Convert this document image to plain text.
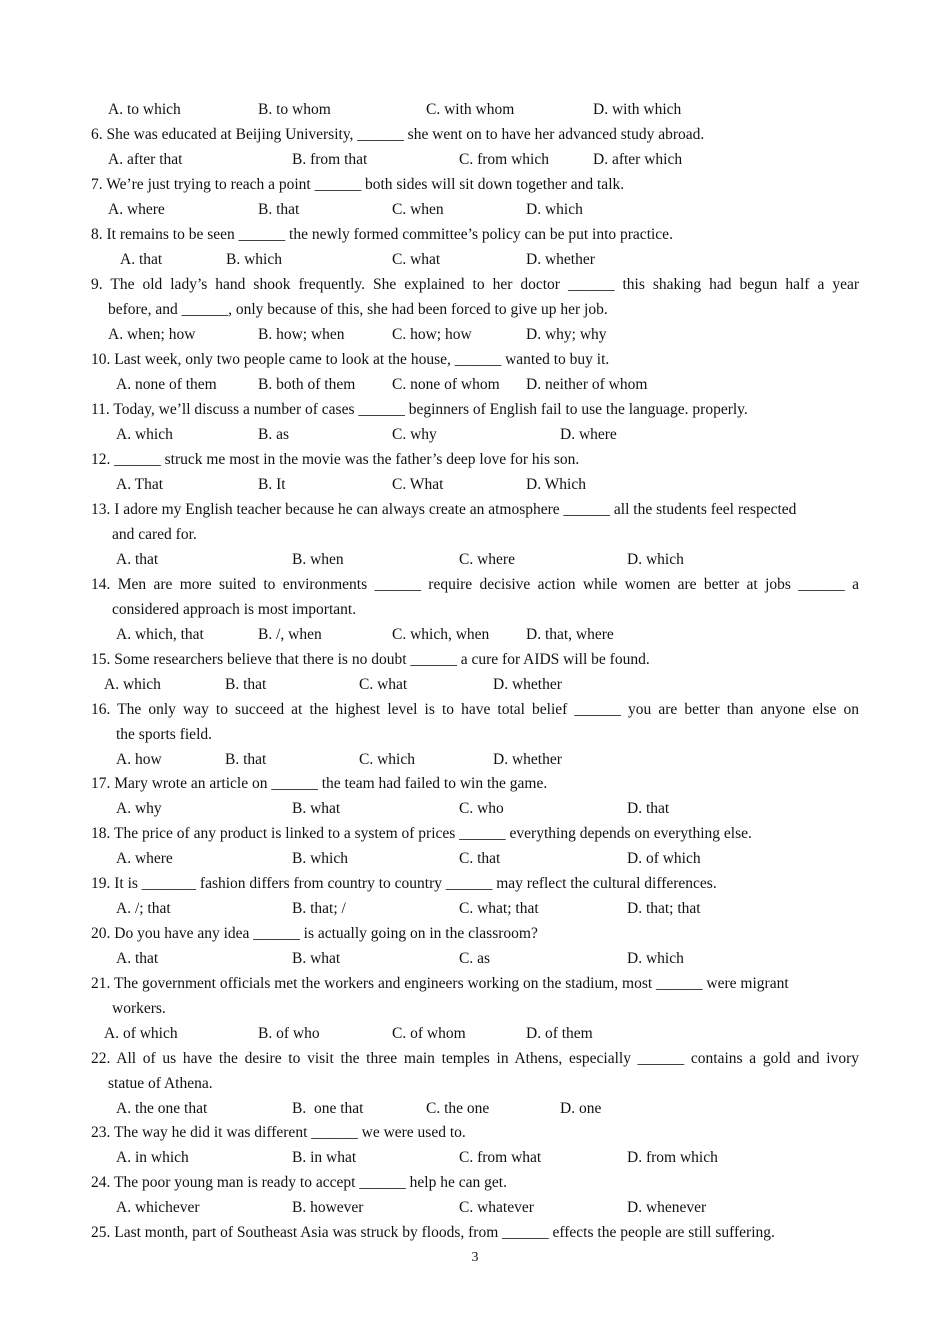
A. to which	B. to whom	C. with whom	D. with which
6. She was educated at Beijing University, ______ she went on to have her advanced study abroad.
A. after that	B. from that	C. from which	D. after which
7. We’re just trying to reach a point ______ both sides will sit down together and talk.
A. where	B. that	C. when	D. which
8. It remains to be seen ______ the newly formed committee’s policy can be put into practice.
A. that	B. which	C. what	D. whether
9. The old lady’s hand shook frequently. She explained to her doctor ______ this shaking had begun half a year
before, and ______, only because of this, she had been forced to give up her job.
A. when; how	B. how; when	C. how; how	D. why; why
10. Last week, only two people came to look at the house, ______ wanted to buy it.
A. none of them	B. both of them C. none of whom D. neither of whom
11. Today, we’ll discuss a number of cases ______ beginners of English fail to use the language. properly.
A. which	B. as	C. why	D. where
12. ______ struck me most in the movie was the father’s deep love for his son.
A. That	B. It	C. What	D. Which
13. I adore my English teacher because he can always create an atmosphere ______ all the students feel respected
and cared for.
A. that	B. when	C. where	D. which
14. Men are more suited to environments ______ require decisive action while women are better at jobs ______ a
considered approach is most important.
A. which, that	B. /, when	C. which, when D. that, where
15. Some researchers believe that there is no doubt ______ a cure for AIDS will be found.
A. which	B. that	C. what	D. whether
16. The only way to succeed at the highest level is to have total belief ______ you are better than anyone else on
the sports field.
A. how	B. that	C. which	D. whether
17. Mary wrote an article on ______ the team had failed to win the game.
A. why	B. what	C. who	D. that
18. The price of any product is linked to a system of prices ______ everything depends on everything else.
A. where	B. which	C. that	D. of which
19. It is _______ fashion differs from country to country ______ may reflect the cultural differences.
A. /; that	B. that; /	C. what; that	D. that; that
20. Do you have any idea ______ is actually going on in the classroom?
A. that	B. what	C. as	D. which
21. The government officials met the workers and engineers working on the stadium, most ______ were migrant
workers.
A. of which	B. of who	C. of whom	D. of them
22. All of us have the desire to visit the three main temples in Athens, especially ______ contains a gold and ivory
statue of Athena.
A. the one that	B.  one that	C. the one	D. one
23. The way he did it was different ______ we were used to.
A. in which	B. in what	C. from what	D. from which
24. The poor young man is ready to accept ______ help he can get.
A. whichever	B. however	C. whatever	D. whenever
25. Last month, part of Southeast Asia was struck by floods, from ______ effects the people are still suffering.
3
